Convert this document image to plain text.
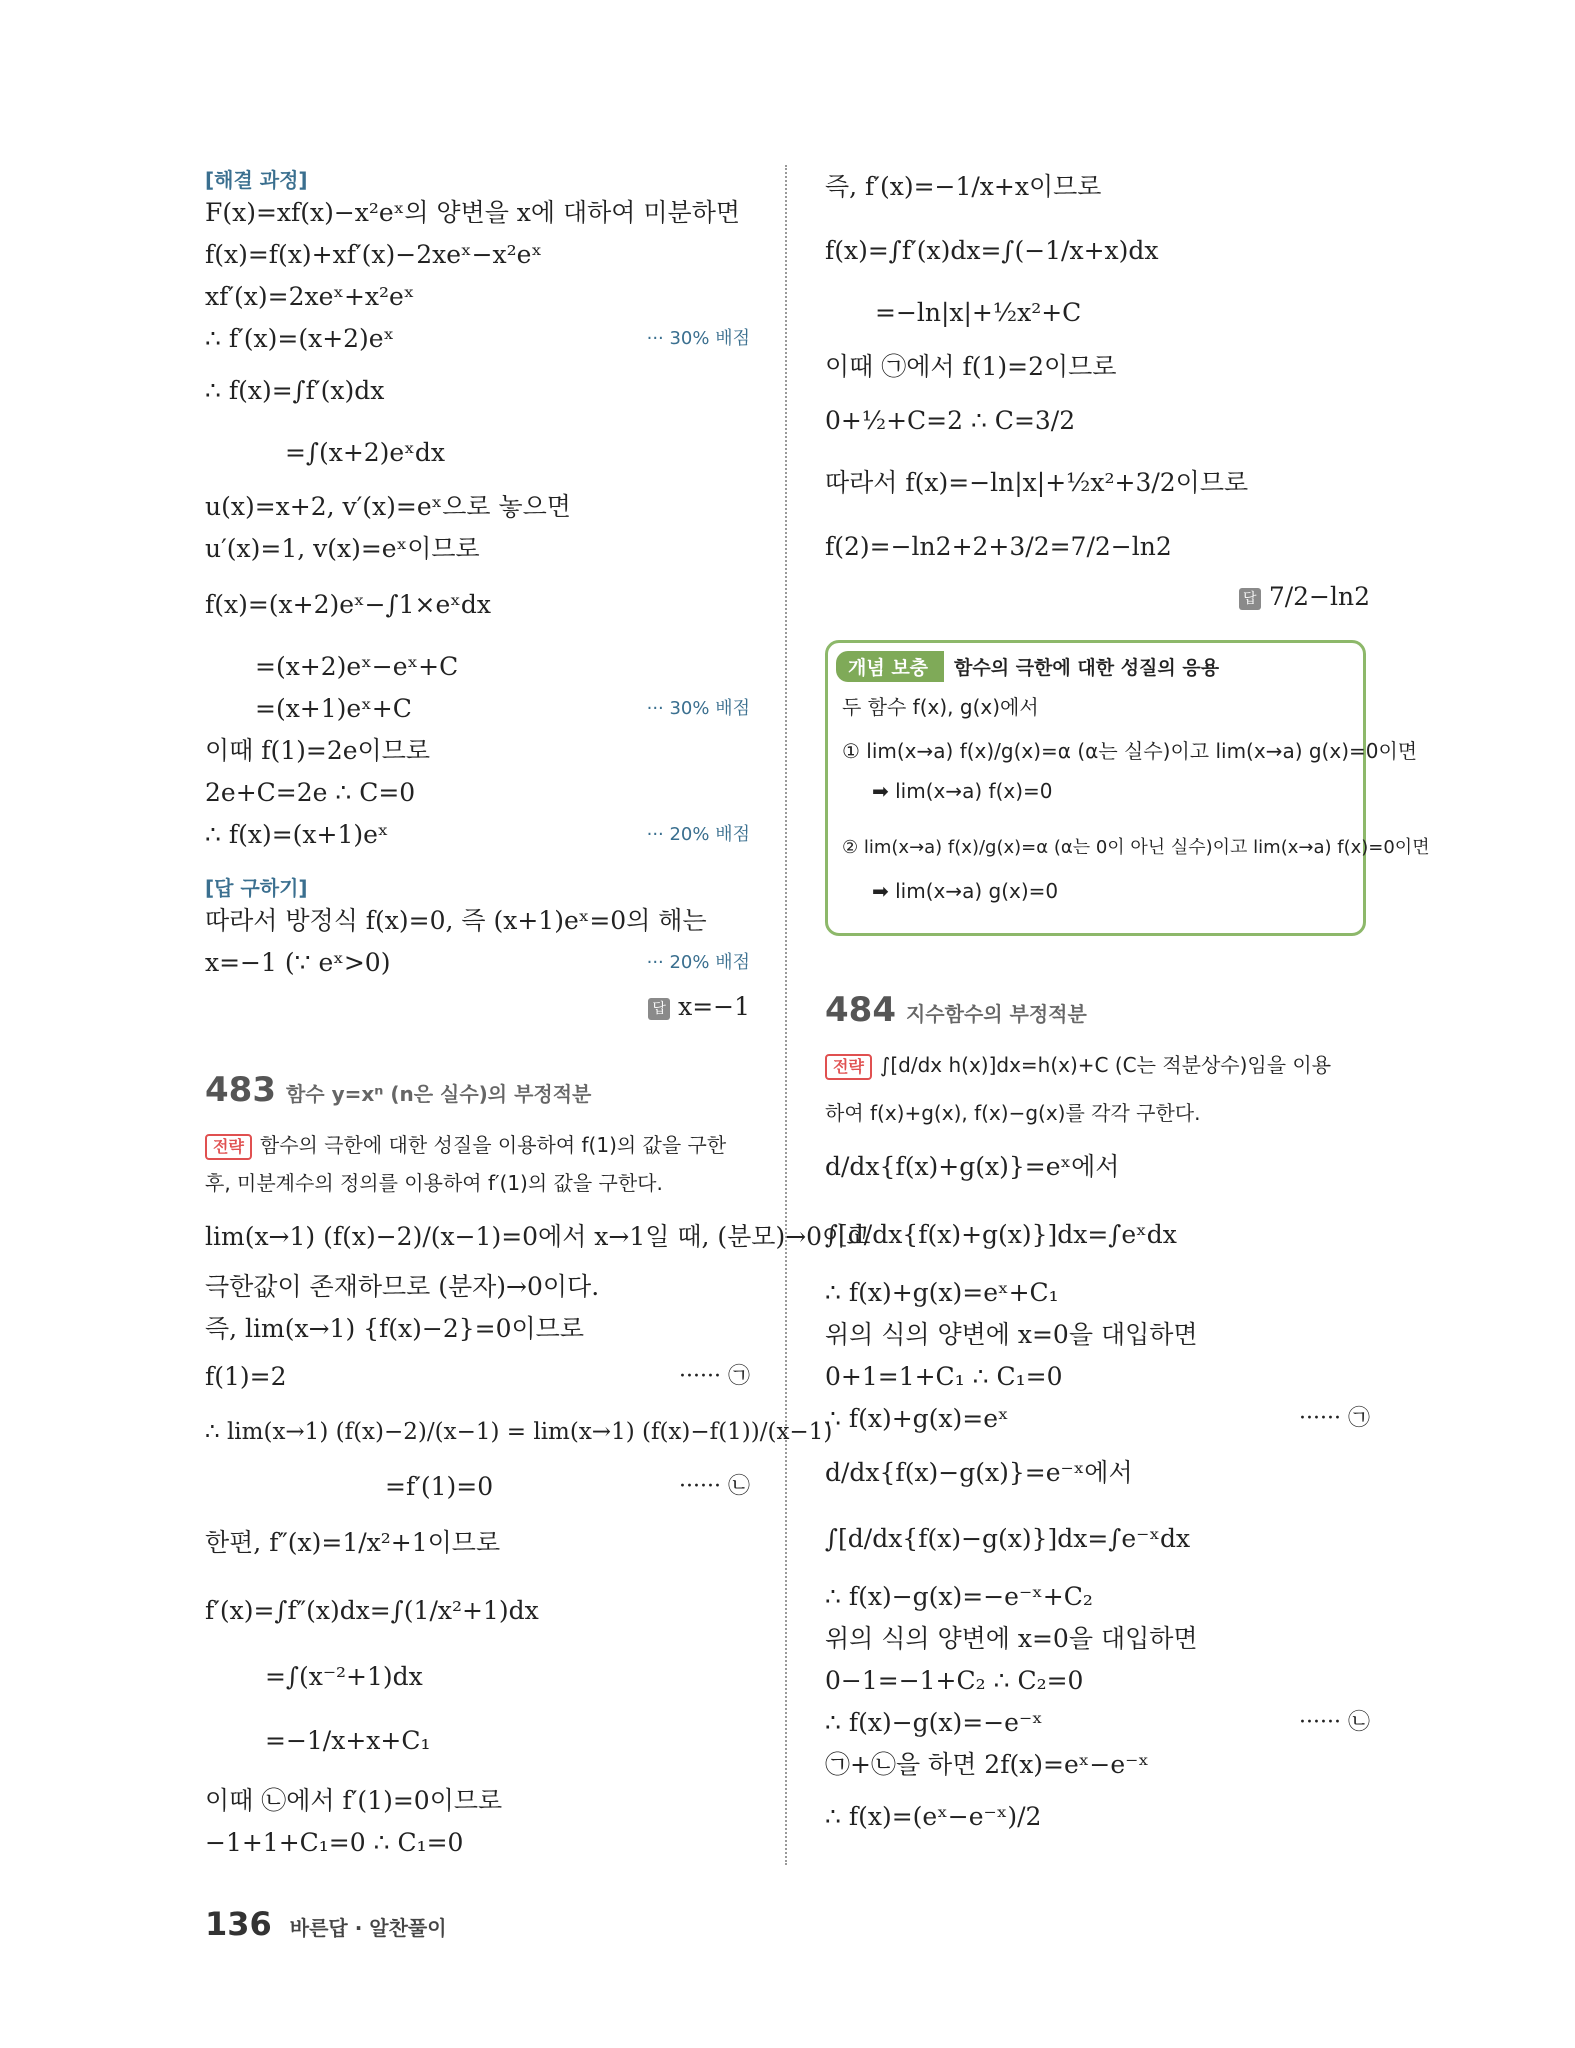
[해결 과정]
F(x)=xf(x)−x²eˣ의 양변을 x에 대하여 미분하면
f(x)=f(x)+xf′(x)−2xeˣ−x²eˣ
xf′(x)=2xeˣ+x²eˣ
∴ f′(x)=(x+2)eˣ	··· 30% 배점
∴ f(x)=∫f′(x)dx
=∫(x+2)eˣdx
u(x)=x+2, v′(x)=eˣ으로 놓으면
u′(x)=1, v(x)=eˣ이므로
f(x)=(x+2)eˣ−∫1×eˣdx
=(x+2)eˣ−eˣ+C
=(x+1)eˣ+C	··· 30% 배점
이때 f(1)=2e이므로
2e+C=2e ∴ C=0
∴ f(x)=(x+1)eˣ	··· 20% 배점
[답 구하기]
따라서 방정식 f(x)=0, 즉 (x+1)eˣ=0의 해는
x=−1 (∵ eˣ>0)	··· 20% 배점
답 x=−1
483 함수 y=xⁿ (n은 실수)의 부정적분
전략 함수의 극한에 대한 성질을 이용하여 f(1)의 값을 구한
후, 미분계수의 정의를 이용하여 f′(1)의 값을 구한다.
lim(x→1) (f(x)−2)/(x−1)=0에서 x→1일 때, (분모)→0이고
극한값이 존재하므로 (분자)→0이다.
즉, lim(x→1) {f(x)−2}=0이므로
f(1)=2	······ ㉠
∴ lim(x→1) (f(x)−2)/(x−1) = lim(x→1) (f(x)−f(1))/(x−1)
=f′(1)=0	······ ㉡
한편, f″(x)=1/x²+1이므로
f′(x)=∫f″(x)dx=∫(1/x²+1)dx
=∫(x⁻²+1)dx
=−1/x+x+C₁
이때 ㉡에서 f′(1)=0이므로
−1+1+C₁=0 ∴ C₁=0
즉, f′(x)=−1/x+x이므로
f(x)=∫f′(x)dx=∫(−1/x+x)dx
=−ln|x|+½x²+C
이때 ㉠에서 f(1)=2이므로
0+½+C=2 ∴ C=3/2
따라서 f(x)=−ln|x|+½x²+3/2이므로
f(2)=−ln2+2+3/2=7/2−ln2
답 7/2−ln2
개념 보충 함수의 극한에 대한 성질의 응용
두 함수 f(x), g(x)에서
① lim(x→a) f(x)/g(x)=α (α는 실수)이고 lim(x→a) g(x)=0이면
➡ lim(x→a) f(x)=0
② lim(x→a) f(x)/g(x)=α (α는 0이 아닌 실수)이고 lim(x→a) f(x)=0이면
➡ lim(x→a) g(x)=0
484 지수함수의 부정적분
전략 ∫[d/dx h(x)]dx=h(x)+C (C는 적분상수)임을 이용
하여 f(x)+g(x), f(x)−g(x)를 각각 구한다.
d/dx{f(x)+g(x)}=eˣ에서
∫[d/dx{f(x)+g(x)}]dx=∫eˣdx
∴ f(x)+g(x)=eˣ+C₁
위의 식의 양변에 x=0을 대입하면
0+1=1+C₁ ∴ C₁=0
∴ f(x)+g(x)=eˣ	······ ㉠
d/dx{f(x)−g(x)}=e⁻ˣ에서
∫[d/dx{f(x)−g(x)}]dx=∫e⁻ˣdx
∴ f(x)−g(x)=−e⁻ˣ+C₂
위의 식의 양변에 x=0을 대입하면
0−1=−1+C₂ ∴ C₂=0
∴ f(x)−g(x)=−e⁻ˣ	······ ㉡
㉠+㉡을 하면 2f(x)=eˣ−e⁻ˣ
∴ f(x)=(eˣ−e⁻ˣ)/2
136 바른답 · 알찬풀이
